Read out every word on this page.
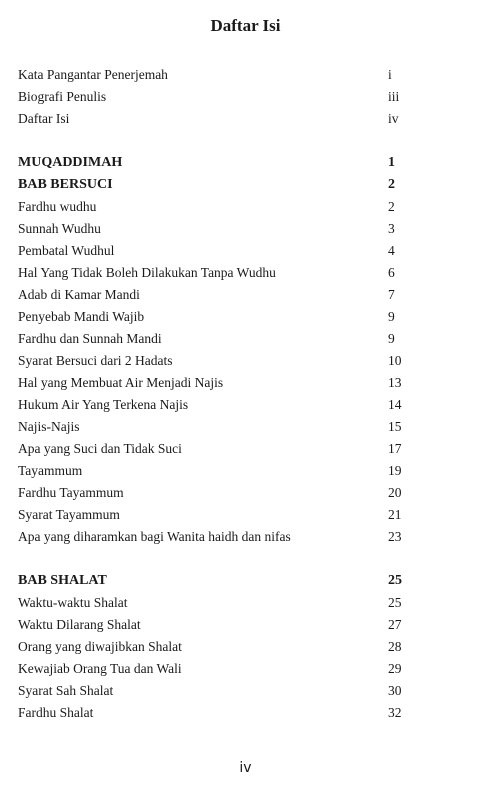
Daftar Isi
Kata Pangantar Penerjemah	i
Biografi Penulis	iii
Daftar Isi	iv
MUQADDIMAH	1
BAB BERSUCI	2
Fardhu wudhu	2
Sunnah Wudhu	3
Pembatal Wudhul	4
Hal Yang Tidak Boleh Dilakukan Tanpa Wudhu	6
Adab di Kamar Mandi	7
Penyebab Mandi Wajib	9
Fardhu dan Sunnah Mandi	9
Syarat Bersuci dari 2 Hadats	10
Hal yang Membuat Air Menjadi Najis	13
Hukum Air Yang Terkena Najis	14
Najis-Najis	15
Apa yang Suci dan Tidak Suci	17
Tayammum	19
Fardhu Tayammum	20
Syarat Tayammum	21
Apa yang diharamkan bagi Wanita haidh dan nifas	23
BAB SHALAT	25
Waktu-waktu Shalat	25
Waktu Dilarang Shalat	27
Orang yang diwajibkan Shalat	28
Kewajiab Orang Tua dan Wali	29
Syarat Sah Shalat	30
Fardhu Shalat	32
iv
